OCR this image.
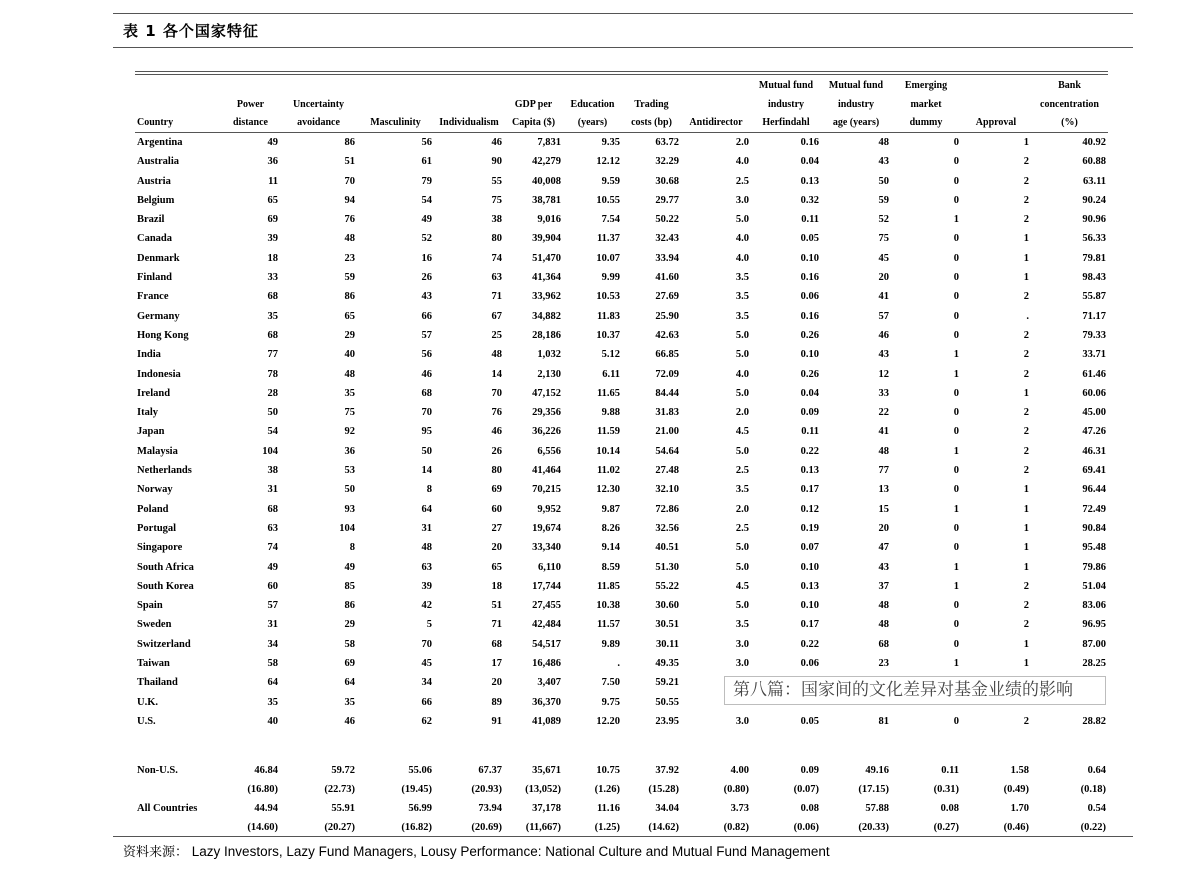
表 1 各个国家特征
									Mutual fund	Mutual fund	Emerging		Bank
	Power	Uncertainty			GDP per	Education	Trading		industry	industry	market		concentration
Country	distance	avoidance	Masculinity	Individualism	Capita ($)	(years)	costs (bp)	Antidirector	Herfindahl	age (years)	dummy	Approval	(%)
Argentina	49	86	56	46	7,831	9.35	63.72	2.0	0.16	48	0	1	40.92
Australia	36	51	61	90	42,279	12.12	32.29	4.0	0.04	43	0	2	60.88
Austria	11	70	79	55	40,008	9.59	30.68	2.5	0.13	50	0	2	63.11
Belgium	65	94	54	75	38,781	10.55	29.77	3.0	0.32	59	0	2	90.24
Brazil	69	76	49	38	9,016	7.54	50.22	5.0	0.11	52	1	2	90.96
Canada	39	48	52	80	39,904	11.37	32.43	4.0	0.05	75	0	1	56.33
Denmark	18	23	16	74	51,470	10.07	33.94	4.0	0.10	45	0	1	79.81
Finland	33	59	26	63	41,364	9.99	41.60	3.5	0.16	20	0	1	98.43
France	68	86	43	71	33,962	10.53	27.69	3.5	0.06	41	0	2	55.87
Germany	35	65	66	67	34,882	11.83	25.90	3.5	0.16	57	0	.	71.17
Hong Kong	68	29	57	25	28,186	10.37	42.63	5.0	0.26	46	0	2	79.33
India	77	40	56	48	1,032	5.12	66.85	5.0	0.10	43	1	2	33.71
Indonesia	78	48	46	14	2,130	6.11	72.09	4.0	0.26	12	1	2	61.46
Ireland	28	35	68	70	47,152	11.65	84.44	5.0	0.04	33	0	1	60.06
Italy	50	75	70	76	29,356	9.88	31.83	2.0	0.09	22	0	2	45.00
Japan	54	92	95	46	36,226	11.59	21.00	4.5	0.11	41	0	2	47.26
Malaysia	104	36	50	26	6,556	10.14	54.64	5.0	0.22	48	1	2	46.31
Netherlands	38	53	14	80	41,464	11.02	27.48	2.5	0.13	77	0	2	69.41
Norway	31	50	8	69	70,215	12.30	32.10	3.5	0.17	13	0	1	96.44
Poland	68	93	64	60	9,952	9.87	72.86	2.0	0.12	15	1	1	72.49
Portugal	63	104	31	27	19,674	8.26	32.56	2.5	0.19	20	0	1	90.84
Singapore	74	8	48	20	33,340	9.14	40.51	5.0	0.07	47	0	1	95.48
South Africa	49	49	63	65	6,110	8.59	51.30	5.0	0.10	43	1	1	79.86
South Korea	60	85	39	18	17,744	11.85	55.22	4.5	0.13	37	1	2	51.04
Spain	57	86	42	51	27,455	10.38	30.60	5.0	0.10	48	0	2	83.06
Sweden	31	29	5	71	42,484	11.57	30.51	3.5	0.17	48	0	2	96.95
Switzerland	34	58	70	68	54,517	9.89	30.11	3.0	0.22	68	0	1	87.00
Taiwan	58	69	45	17	16,486	.	49.35	3.0	0.06	23	1	1	28.25
Thailand	64	64	34	20	3,407	7.50	59.21						
U.K.	35	35	66	89	36,370	9.75	50.55						
U.S.	40	46	62	91	41,089	12.20	23.95	3.0	0.05	81	0	2	28.82

Non-U.S.	46.84	59.72	55.06	67.37	35,671	10.75	37.92	4.00	0.09	49.16	0.11	1.58	0.64
	(16.80)	(22.73)	(19.45)	(20.93)	(13,052)	(1.26)	(15.28)	(0.80)	(0.07)	(17.15)	(0.31)	(0.49)	(0.18)
All Countries	44.94	55.91	56.99	73.94	37,178	11.16	34.04	3.73	0.08	57.88	0.08	1.70	0.54
	(14.60)	(20.27)	(16.82)	(20.69)	(11,667)	(1.25)	(14.62)	(0.82)	(0.06)	(20.33)	(0.27)	(0.46)	(0.22)
第八篇：国家间的文化差异对基金业绩的影响
资料来源： Lazy Investors, Lazy Fund Managers, Lousy Performance: National Culture and Mutual Fund Management
